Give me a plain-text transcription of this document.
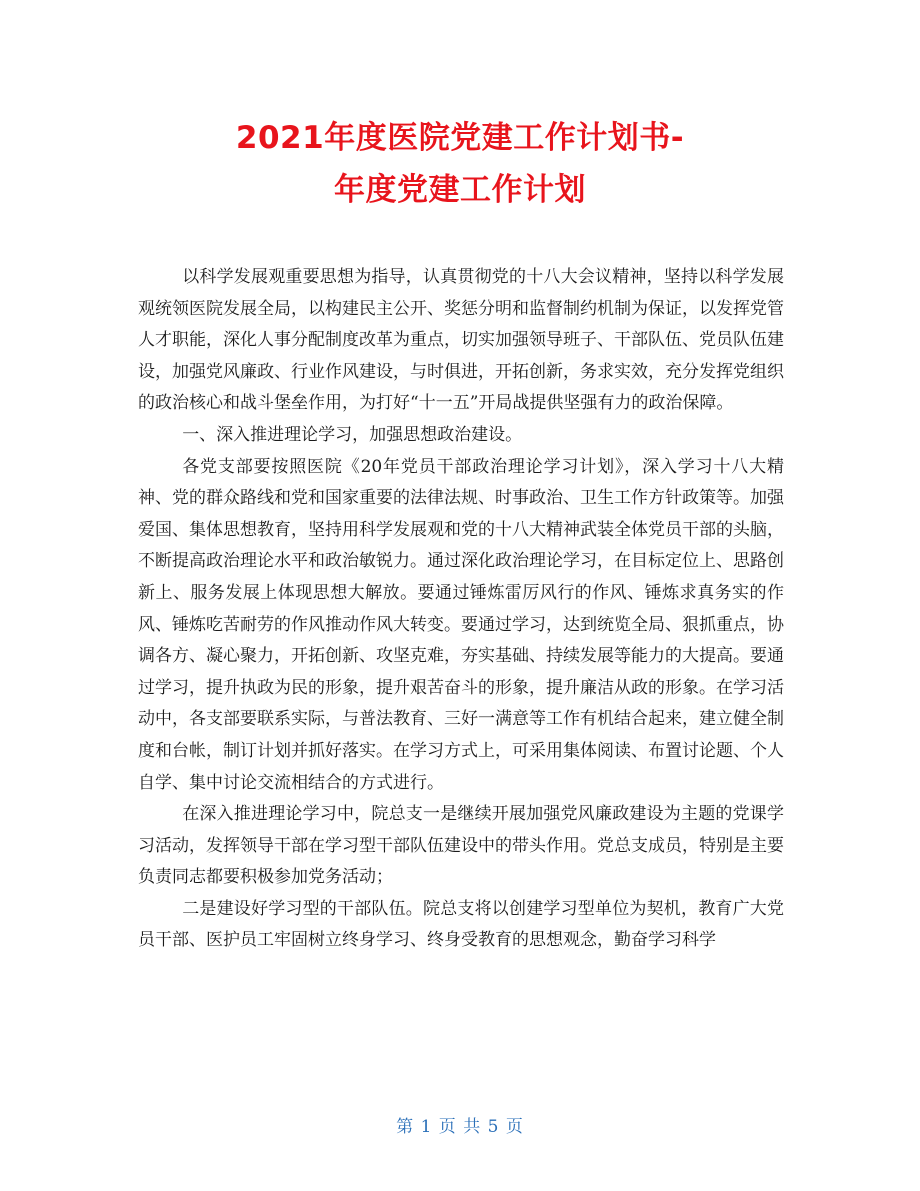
2021年度医院党建工作计划书-
年度党建工作计划

以科学发展观重要思想为指导，认真贯彻党的十八大会议精神，坚持以科学发展观统领医院发展全局，以构建民主公开、奖惩分明和监督制约机制为保证，以发挥党管人才职能，深化人事分配制度改革为重点，切实加强领导班子、干部队伍、党员队伍建设，加强党风廉政、行业作风建设，与时俱进，开拓创新，务求实效，充分发挥党组织的政治核心和战斗堡垒作用，为打好“十一五”开局战提供坚强有力的政治保障。

一、深入推进理论学习，加强思想政治建设。

各党支部要按照医院《20年党员干部政治理论学习计划》，深入学习十八大精神、党的群众路线和党和国家重要的法律法规、时事政治、卫生工作方针政策等。加强爱国、集体思想教育，坚持用科学发展观和党的十八大精神武装全体党员干部的头脑，不断提高政治理论水平和政治敏锐力。通过深化政治理论学习，在目标定位上、思路创新上、服务发展上体现思想大解放。要通过锤炼雷厉风行的作风、锤炼求真务实的作风、锤炼吃苦耐劳的作风推动作风大转变。要通过学习，达到统览全局、狠抓重点，协调各方、凝心聚力，开拓创新、攻坚克难，夯实基础、持续发展等能力的大提高。要通过学习，提升执政为民的形象，提升艰苦奋斗的形象，提升廉洁从政的形象。在学习活动中，各支部要联系实际，与普法教育、三好一满意等工作有机结合起来，建立健全制度和台帐，制订计划并抓好落实。在学习方式上，可采用集体阅读、布置讨论题、个人自学、集中讨论交流相结合的方式进行。

在深入推进理论学习中，院总支一是继续开展加强党风廉政建设为主题的党课学习活动，发挥领导干部在学习型干部队伍建设中的带头作用。党总支成员，特别是主要负责同志都要积极参加党务活动；

二是建设好学习型的干部队伍。院总支将以创建学习型单位为契机，教育广大党员干部、医护员工牢固树立终身学习、终身受教育的思想观念，勤奋学习科学

第 1 页 共 5 页
